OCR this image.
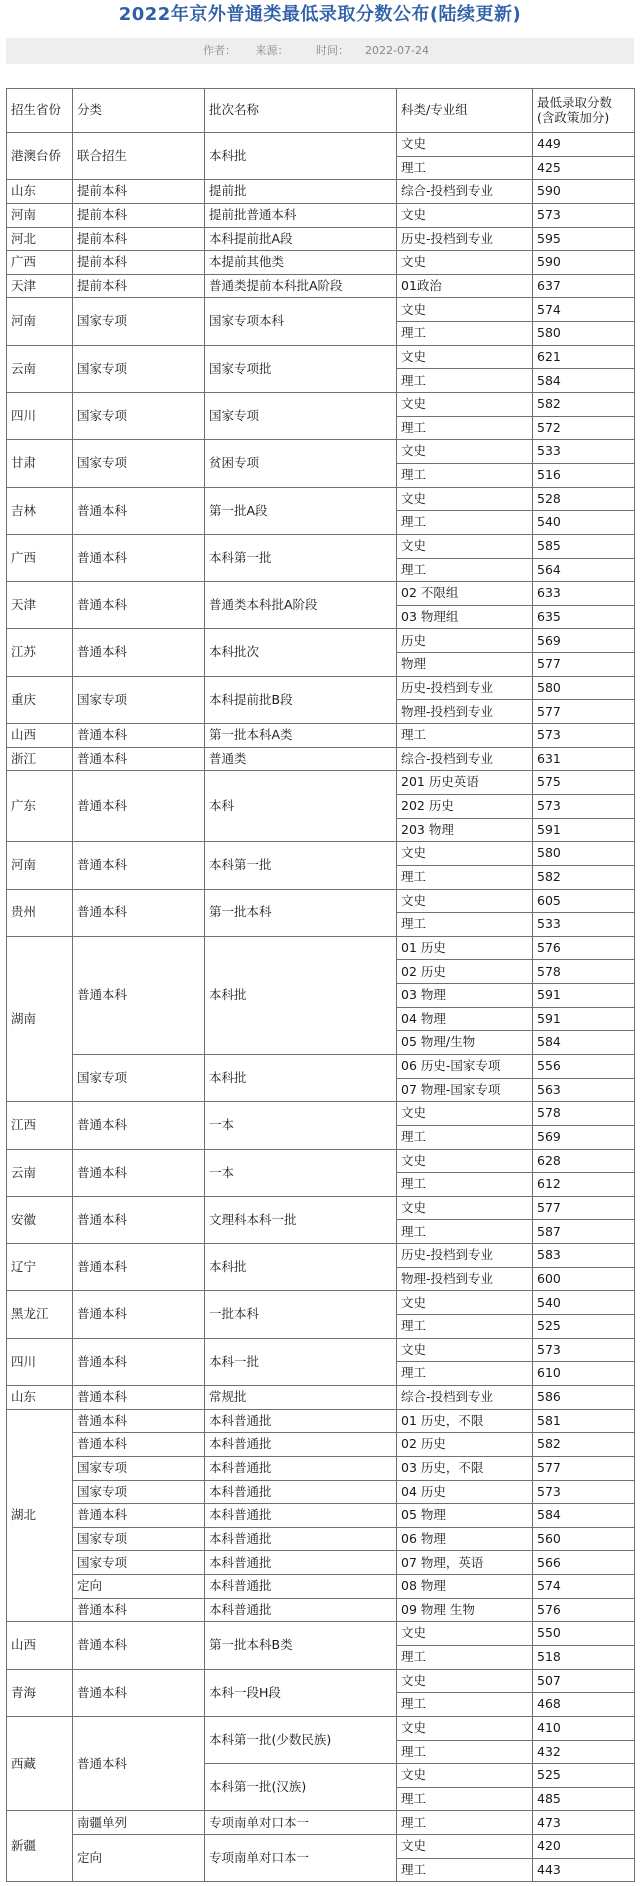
2022年京外普通类最低录取分数公布(陆续更新)
作者： 来源：	时间： 2022-07-24
招生省份	分类	批次名称	科类/专业组	最低录取分数
(含政策加分)

港澳台侨	联合招生	本科批	文史	449
			理工	425
山东	提前本科	提前批	综合-投档到专业	590
河南	提前本科	提前批普通本科	文史	573
河北	提前本科	本科提前批A段	历史-投档到专业	595
广西	提前本科	本提前其他类	文史	590
天津	提前本科	普通类提前本科批A阶段	01政治	637
河南	国家专项	国家专项本科	文史	574
			理工	580
云南	国家专项	国家专项批	文史	621
			理工	584
四川	国家专项	国家专项	文史	582
			理工	572
甘肃	国家专项	贫困专项	文史	533
			理工	516
吉林	普通本科	第一批A段	文史	528
			理工	540
广西	普通本科	本科第一批	文史	585
			理工	564
天津	普通本科	普通类本科批A阶段	02 不限组	633
			03 物理组	635
江苏	普通本科	本科批次	历史	569
			物理	577
重庆	国家专项	本科提前批B段	历史-投档到专业	580
			物理-投档到专业	577
山西	普通本科	第一批本科A类	理工	573
浙江	普通本科	普通类	综合-投档到专业	631
广东	普通本科	本科	201 历史英语	575
			202 历史	573
			203 物理	591
河南	普通本科	本科第一批	文史	580
			理工	582
贵州	普通本科	第一批本科	文史	605
			理工	533
湖南	普通本科	本科批	01 历史	576
			02 历史	578
			03 物理	591
			04 物理	591
			05 物理/生物	584
	国家专项	本科批	06 历史-国家专项	556
			07 物理-国家专项	563
江西	普通本科	一本	文史	578
			理工	569
云南	普通本科	一本	文史	628
			理工	612
安徽	普通本科	文理科本科一批	文史	577
			理工	587
辽宁	普通本科	本科批	历史-投档到专业	583
			物理-投档到专业	600
黑龙江	普通本科	一批本科	文史	540
			理工	525
四川	普通本科	本科一批	文史	573
			理工	610
山东	普通本科	常规批	综合-投档到专业	586
湖北	普通本科	本科普通批	01 历史，不限	581
	普通本科	本科普通批	02 历史	582
	国家专项	本科普通批	03 历史，不限	577
	国家专项	本科普通批	04 历史	573
	普通本科	本科普通批	05 物理	584
	国家专项	本科普通批	06 物理	560
	国家专项	本科普通批	07 物理，英语	566
	定向	本科普通批	08 物理	574
	普通本科	本科普通批	09 物理 生物	576
山西	普通本科	第一批本科B类	文史	550
			理工	518
青海	普通本科	本科一段H段	文史	507
			理工	468
西藏	普通本科	本科第一批(少数民族)	文史	410
			理工	432
		本科第一批(汉族)	文史	525
			理工	485
新疆	南疆单列	专项南单对口本一	理工	473
	定向	专项南单对口本一	文史	420
			理工	443
